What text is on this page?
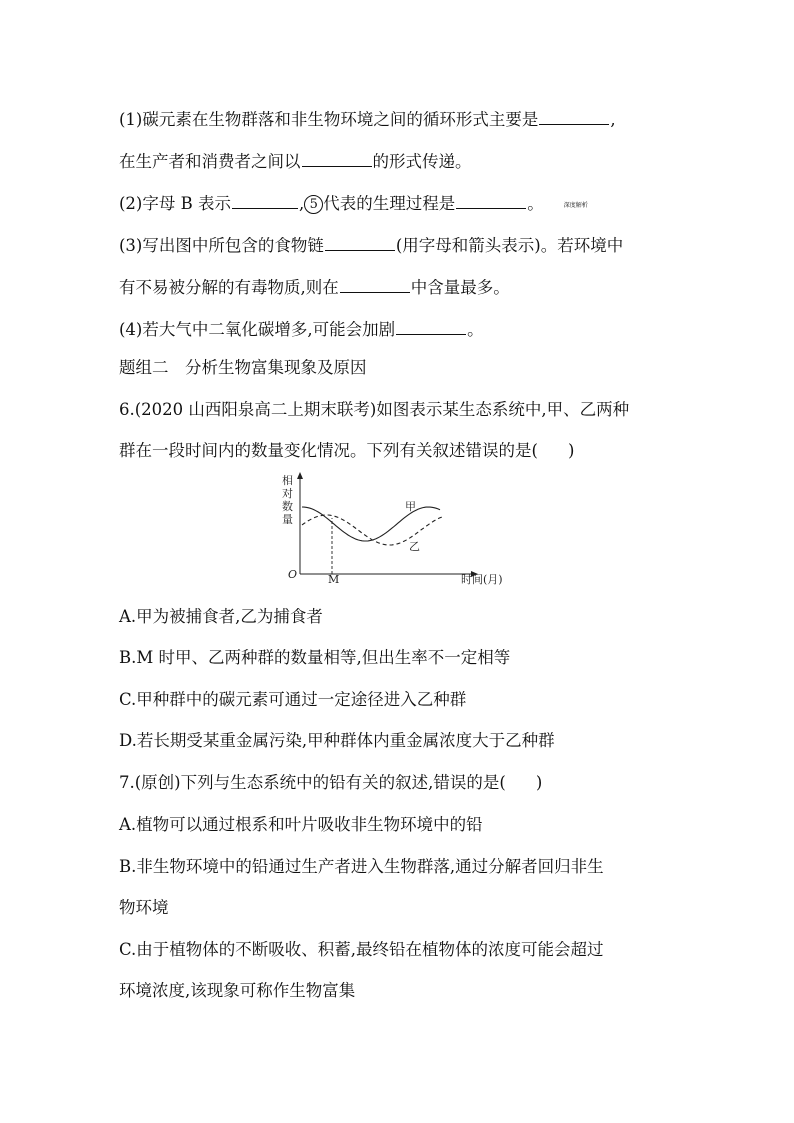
(1)碳元素在生物群落和非生物环境之间的循环形式主要是	,
在生产者和消费者之间以	的形式传递。
(2)字母 B 表示	, 5 代表的生理过程是	。	深度解析
(3)写出图中所包含的食物链	(用字母和箭头表示)。若环境中
有不易被分解的有毒物质,则在	中含量最多。
(4)若大气中二氧化碳增多,可能会加剧	。
题组二　分析生物富集现象及原因
6.(2020 山西阳泉高二上期末联考)如图表示某生态系统中,甲、乙两种
群在一段时间内的数量变化情况。下列有关叙述错误的是( )
相
对
数
量
O	M	时间(月)
甲
乙
A.甲为被捕食者,乙为捕食者
B.M 时甲、乙两种群的数量相等,但出生率不一定相等
C.甲种群中的碳元素可通过一定途径进入乙种群
D.若长期受某重金属污染,甲种群体内重金属浓度大于乙种群
7.(原创)下列与生态系统中的铅有关的叙述,错误的是( )
A.植物可以通过根系和叶片吸收非生物环境中的铅
B.非生物环境中的铅通过生产者进入生物群落,通过分解者回归非生
物环境
C.由于植物体的不断吸收、积蓄,最终铅在植物体的浓度可能会超过
环境浓度,该现象可称作生物富集
